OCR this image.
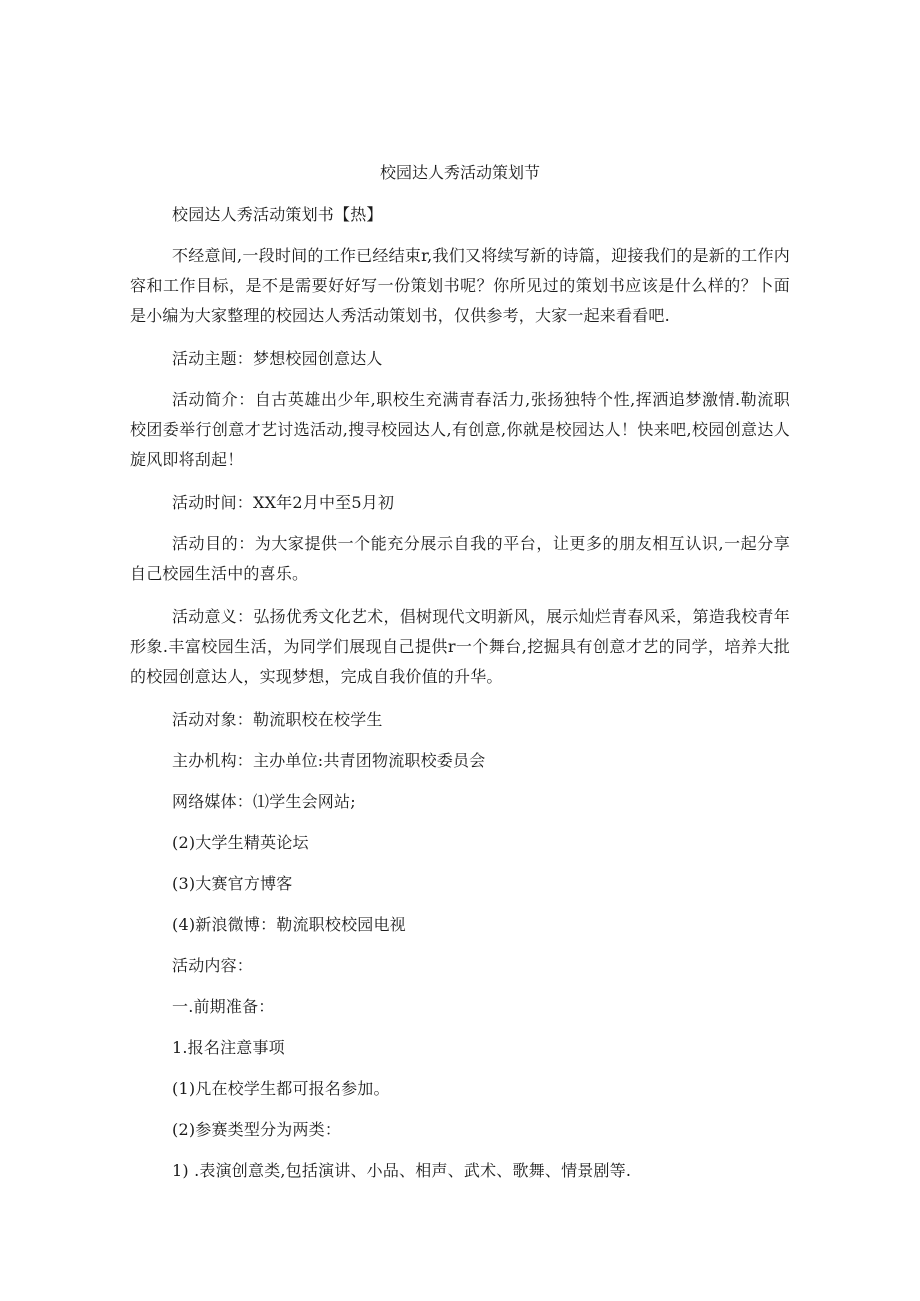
校园达人秀活动策划节

校园达人秀活动策划书【热】

不经意间,一段时间的工作已经结束r,我们又将续写新的诗篇，迎接我们的是新的工作内容和工作目标，是不是需要好好写一份策划书呢？你所见过的策划书应该是什么样的？卜面是小编为大家整理的校园达人秀活动策划书，仅供参考，大家一起来看看吧.

活动主题：梦想校园创意达人

活动简介：自古英雄出少年,职校生充满青春活力,张扬独特个性,挥洒追梦激情.勒流职校团委举行创意才艺讨选活动,搜寻校园达人,有创意,你就是校园达人！快来吧,校园创意达人旋风即将刮起！

活动时间：XX年2月中至5月初

活动目的：为大家提供一个能充分展示自我的平台，让更多的朋友相互认识,一起分享自己校园生活中的喜乐。

活动意义：弘扬优秀文化艺术，倡树现代文明新风，展示灿烂青春风采，第造我校青年形象.丰富校园生活，为同学们展现自己提供r一个舞台,挖掘具有创意才艺的同学，培养大批的校园创意达人，实现梦想，完成自我价值的升华。

活动对象：勒流职校在校学生

主办机构：主办单位:共青团物流职校委员会

网络媒体：⑴学生会网站;

(2)大学生精英论坛

(3)大赛官方博客

(4)新浪微博：勒流职校校园电视

活动内容：

一.前期准备：

1.报名注意事项

(1)凡在校学生都可报名参加。

(2)参赛类型分为两类：

1) .表演创意类,包括演讲、小品、相声、武术、歌舞、情景剧等.
